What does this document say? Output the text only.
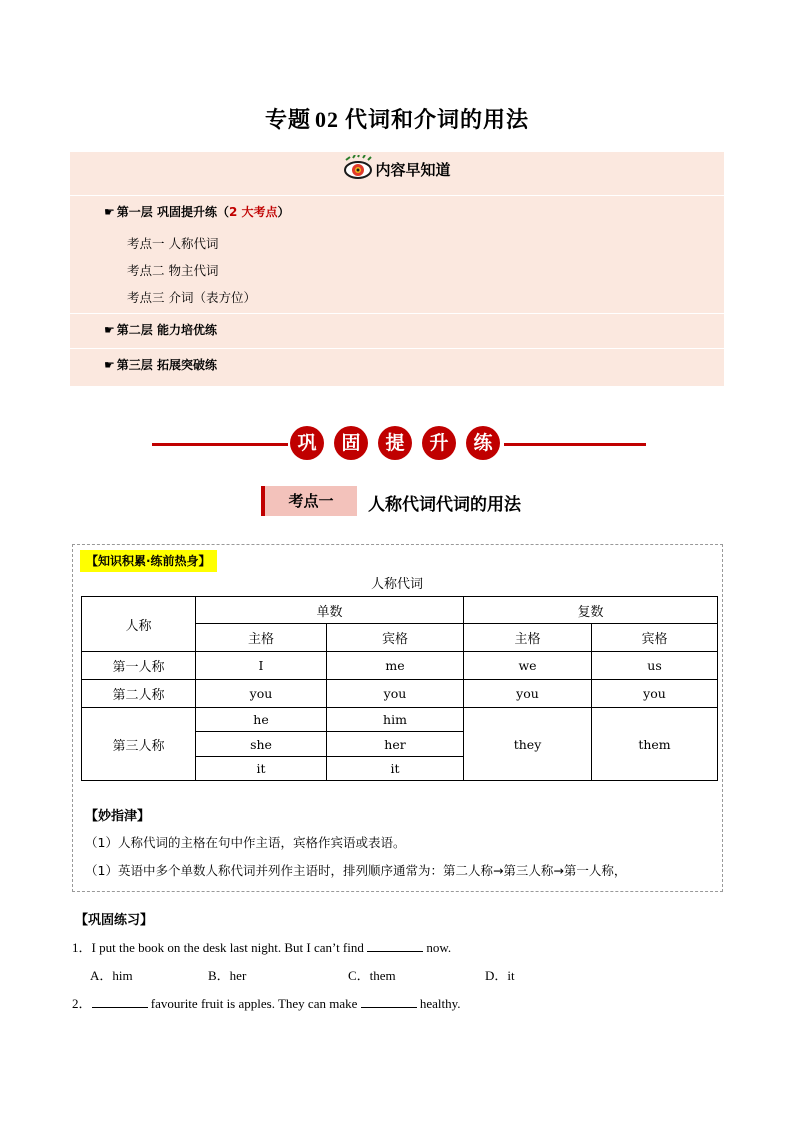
专题 02 代词和介词的用法
内容早知道
☛ 第一层 巩固提升练（2 大考点）
考点一 人称代词
考点二 物主代词
考点三 介词（表方位）
☛ 第二层 能力培优练
☛ 第三层 拓展突破练
巩	固	提	升	练
考点一	人称代词代词的用法
【知识积累·练前热身】
人称代词
人称	单数		复数	
	主格	宾格	主格	宾格
第一人称	I	me	we	us
第二人称	you	you	you	you
第三人称	he	him	they	them
	she	her		
	it	it		
【妙指津】
（1）人称代词的主格在句中作主语，宾格作宾语或表语。
（1）英语中多个单数人称代词并列作主语时，排列顺序通常为：第二人称→第三人称→第一人称，
【巩固练习】
1．I put the book on the desk last night. But I can’t find	now.
A．him	B．her	C．them	D．it
2．	favourite fruit is apples. They can make	healthy.
